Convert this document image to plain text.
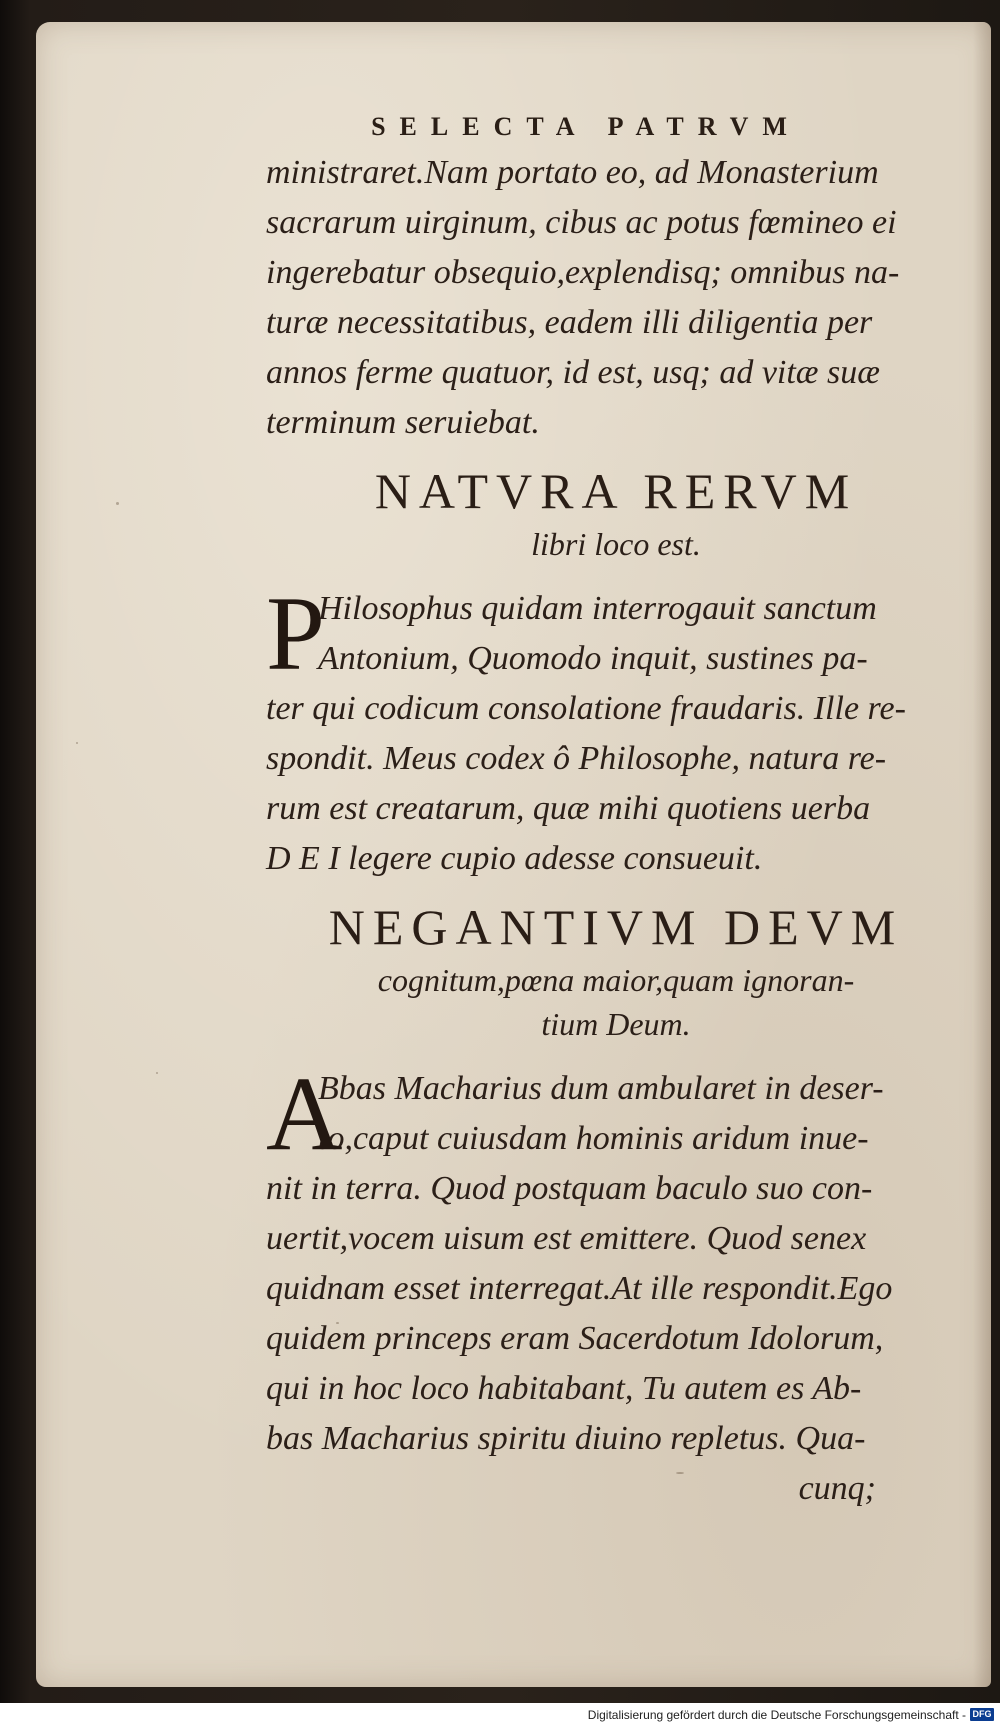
SELECTA PATRVM
ministraret.Nam portato eo, ad Monasterium
sacrarum uirginum, cibus ac potus fœmineo ei
ingerebatur obsequio,explendisq; omnibus na-
turæ necessitatibus, eadem illi diligentia per
annos ferme quatuor, id est, usq; ad vitæ suæ
terminum seruiebat.
NATVRA RERVM
libri loco est.
P
Hilosophus quidam interrogauit sanctum
Antonium, Quomodo inquit, sustines pa-
ter qui codicum consolatione fraudaris. Ille re-
spondit. Meus codex ô Philosophe, natura re-
rum est creatarum, quæ mihi quotiens uerba
D E I legere cupio adesse consueuit.
NEGANTIVM DEVM
cognitum,pœna maior,quam ignoran-
tium Deum.
A
Bbas Macharius dum ambularet in deser-
to,caput cuiusdam hominis aridum inue-
nit in terra. Quod postquam baculo suo con-
uertit,vocem uisum est emittere. Quod senex
quidnam esset interregat.At ille respondit.Ego
quidem princeps eram Sacerdotum Idolorum,
qui in hoc loco habitabant, Tu autem es Ab-
bas Macharius spiritu diuino repletus. Qua-
cunq;
Digitalisierung gefördert durch die Deutsche Forschungsgemeinschaft - DFG
